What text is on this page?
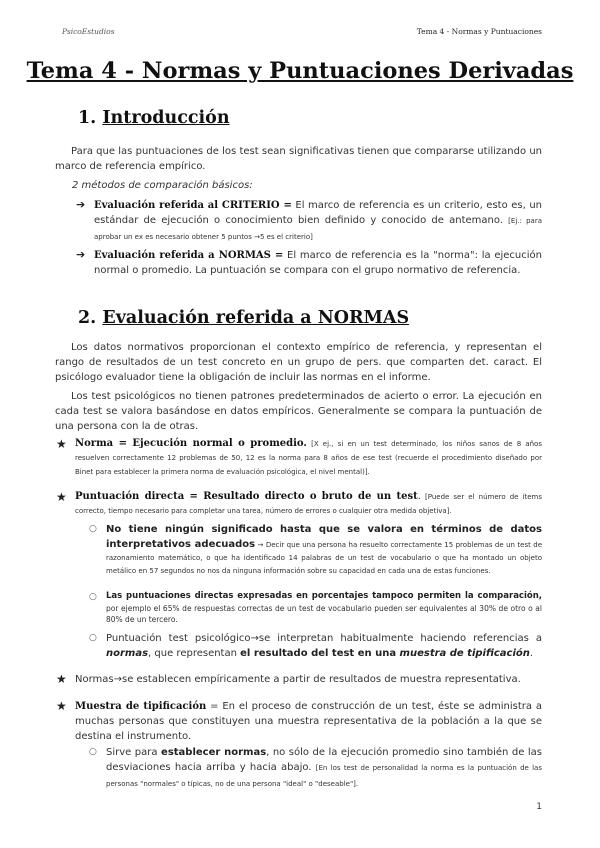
PsicoEstudios	Tema 4 - Normas y Puntuaciones
Tema 4 - Normas y Puntuaciones Derivadas
1. Introducción
Para que las puntuaciones de los test sean significativas tienen que compararse utilizando un marco de referencia empírico.
2 métodos de comparación básicos:
➔ Evaluación referida al CRITERIO = El marco de referencia es un criterio, esto es, un estándar de ejecución o conocimiento bien definido y conocido de antemano. [Ej.: para aprobar un ex es necesario obtener 5 puntos →5 es el criterio]
➔ Evaluación referida a NORMAS = El marco de referencia es la "norma": la ejecución normal o promedio. La puntuación se compara con el grupo normativo de referencia.
2. Evaluación referida a NORMAS
Los datos normativos proporcionan el contexto empírico de referencia, y representan el rango de resultados de un test concreto en un grupo de pers. que comparten det. caract. El psicólogo evaluador tiene la obligación de incluir las normas en el informe.
Los test psicológicos no tienen patrones predeterminados de acierto o error. La ejecución en cada test se valora basándose en datos empíricos. Generalmente se compara la puntuación de una persona con la de otras.
★ Norma = Ejecución normal o promedio. [X ej., si en un test determinado, los niños sanos de 8 años resuelven correctamente 12 problemas de 50, 12 es la norma para 8 años de ese test (recuerde el procedimiento diseñado por Binet para establecer la primera norma de evaluación psicológica, el nivel mental)].
★ Puntuación directa = Resultado directo o bruto de un test. [Puede ser el número de ítems correcto, tiempo necesario para completar una tarea, número de errores o cualquier otra medida objetiva].
○ No tiene ningún significado hasta que se valora en términos de datos interpretativos adecuados → Decir que una persona ha resuelto correctamente 15 problemas de un test de razonamiento matemático, o que ha identificado 14 palabras de un test de vocabulario o que ha montado un objeto metálico en 57 segundos no nos da ninguna información sobre su capacidad en cada una de estas funciones.
○ Las puntuaciones directas expresadas en porcentajes tampoco permiten la comparación, por ejemplo el 65% de respuestas correctas de un test de vocabulario pueden ser equivalentes al 30% de otro o al 80% de un tercero.
○ Puntuación test psicológico→se interpretan habitualmente haciendo referencias a normas, que representan el resultado del test en una muestra de tipificación.
★ Normas→se establecen empíricamente a partir de resultados de muestra representativa.
★ Muestra de tipificación = En el proceso de construcción de un test, éste se administra a muchas personas que constituyen una muestra representativa de la población a la que se destina el instrumento.
○ Sirve para establecer normas, no sólo de la ejecución promedio sino también de las desviaciones hacia arriba y hacia abajo. [En los test de personalidad la norma es la puntuación de las personas "normales" o típicas, no de una persona "ideal" o "deseable"].
1
